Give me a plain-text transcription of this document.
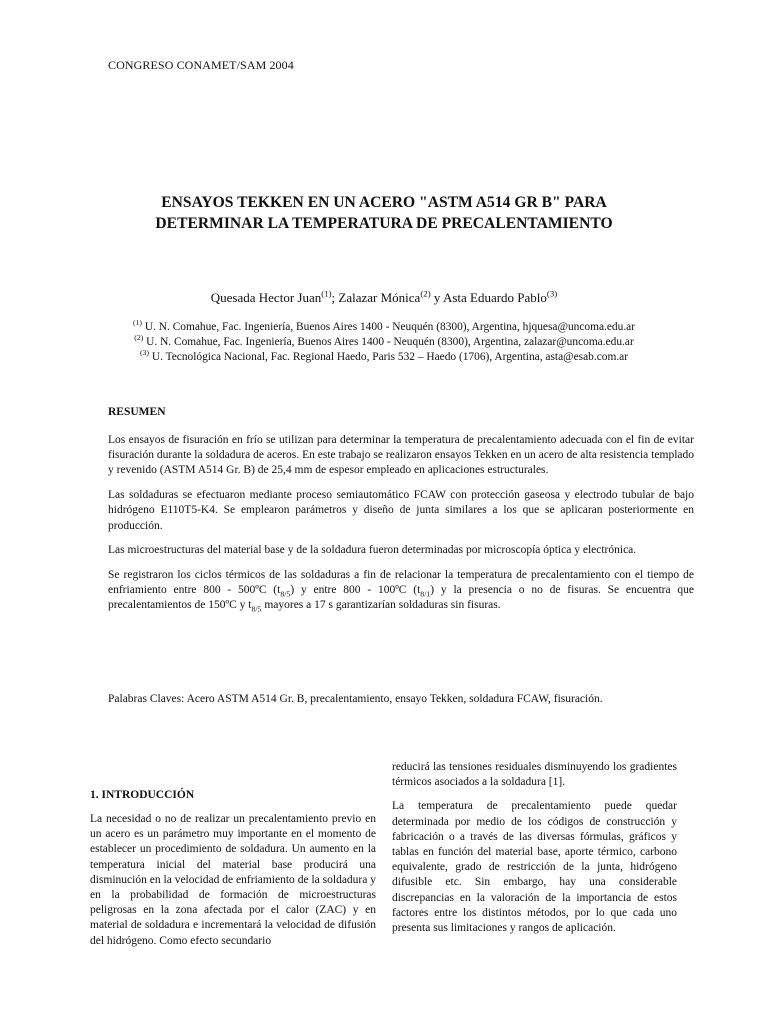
CONGRESO CONAMET/SAM 2004
ENSAYOS TEKKEN EN UN ACERO "ASTM A514 GR B" PARA
DETERMINAR LA TEMPERATURA DE PRECALENTAMIENTO
Quesada Hector Juan$^{(1)}$; Zalazar Mónica$^{(2)}$ y Asta Eduardo Pablo$^{(3)}$
$^{(1)}$ U. N. Comahue, Fac. Ingeniería, Buenos Aires 1400 - Neuquén (8300), Argentina, hjquesa@uncoma.edu.ar
$^{(2)}$ U. N. Comahue, Fac. Ingeniería, Buenos Aires 1400 - Neuquén (8300), Argentina, zalazar@uncoma.edu.ar
$^{(3)}$ U. Tecnológica Nacional, Fac. Regional Haedo, Paris 532 – Haedo (1706), Argentina, asta@esab.com.ar
RESUMEN

Los ensayos de fisuración en frío se utilizan para determinar la temperatura de precalentamiento adecuada con el fin de evitar fisuración durante la soldadura de aceros. En este trabajo se realizaron ensayos Tekken en un acero de alta resistencia templado y revenido (ASTM A514 Gr. B) de 25,4 mm de espesor empleado en aplicaciones estructurales.

Las soldaduras se efectuaron mediante proceso semiautomático FCAW con protección gaseosa y electrodo tubular de bajo hidrógeno E110T5-K4. Se emplearon parámetros y diseño de junta similares a los que se aplicaran posteriormente en producción.

Las microestructuras del material base y de la soldadura fueron determinadas por microscopía óptica y electrónica.

Se registraron los ciclos térmicos de las soldaduras a fin de relacionar la temperatura de precalentamiento con el tiempo de enfriamiento entre 800 - 500ºC $(t_{8/5})$ y entre 800 - 100ºC $(t_{8/1})$ y la presencia o no de fisuras. Se encuentra que precalentamientos de 150ºC y $t_{8/5}$ mayores a 17 s garantizarían soldaduras sin fisuras.

Palabras Claves: Acero ASTM A514 Gr. B, precalentamiento, ensayo Tekken, soldadura FCAW, fisuración.
1. INTRODUCCIÓN

La necesidad o no de realizar un precalentamiento previo en un acero es un parámetro muy importante en el momento de establecer un procedimiento de soldadura. Un aumento en la temperatura inicial del material base producirá una disminución en la velocidad de enfriamiento de la soldadura y en la probabilidad de formación de microestructuras peligrosas en la zona afectada por el calor (ZAC) y en material de soldadura e incrementará la velocidad de difusión del hidrógeno. Como efecto secundario

reducirá las tensiones residuales disminuyendo los gradientes térmicos asociados a la soldadura [1].

La temperatura de precalentamiento puede quedar determinada por medio de los códigos de construcción y fabricación o a través de las diversas fórmulas, gráficos y tablas en función del material base, aporte térmico, carbono equivalente, grado de restricción de la junta, hidrógeno difusible etc. Sin embargo, hay una considerable discrepancias en la valoración de la importancia de estos factores entre los distintos métodos, por lo que cada uno presenta sus limitaciones y rangos de aplicación.
